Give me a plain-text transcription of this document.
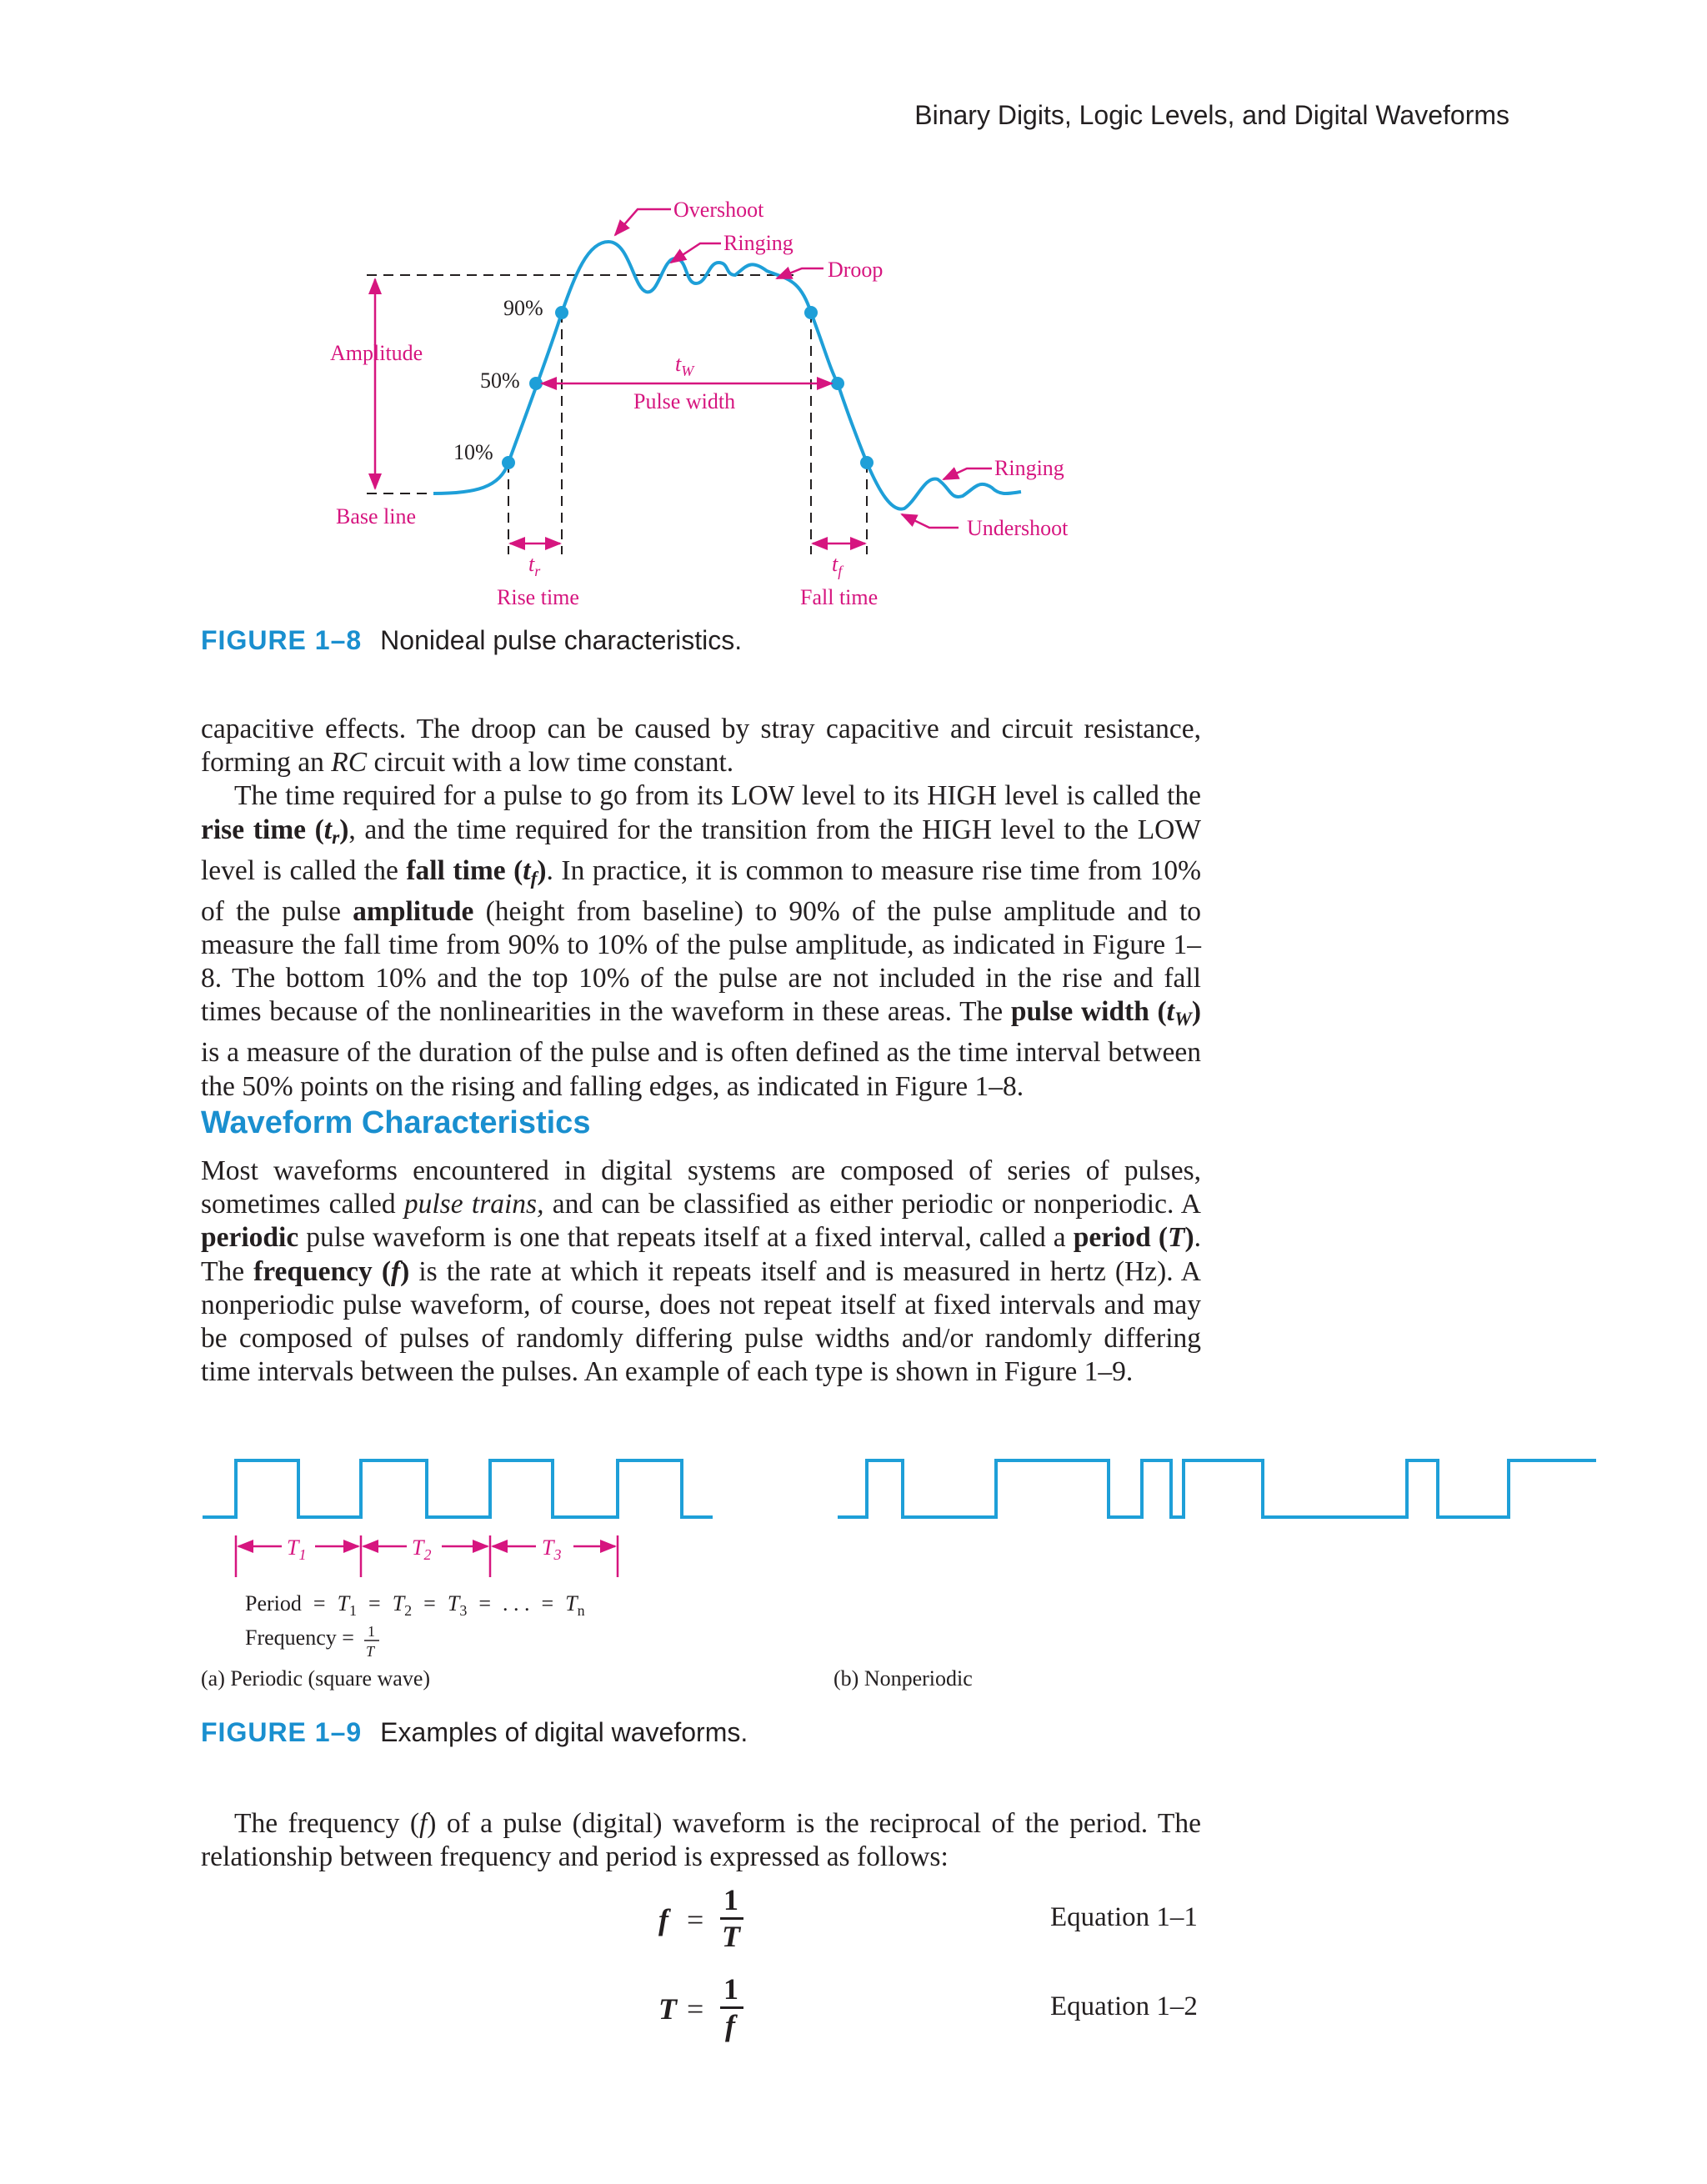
Binary Digits, Logic Levels, and Digital Waveforms
Overshoot
Ringing
Droop
Amplitude
Base line
Pulse width
Ringing
Undershoot
Rise time	Fall time
$t_W$
$t_r$	$t_f$
90%
50%
10%
FIGURE 1–8 Nonideal pulse characteristics.

capacitive effects. The droop can be caused by stray capacitive and circuit resistance, forming an RC circuit with a low time constant.

The time required for a pulse to go from its LOW level to its HIGH level is called the rise time $(t_r)$, and the time required for the transition from the HIGH level to the LOW level is called the fall time $(t_f)$. In practice, it is common to measure rise time from 10% of the pulse amplitude (height from baseline) to 90% of the pulse amplitude and to measure the fall time from 90% to 10% of the pulse amplitude, as indicated in Figure 1–8. The bottom 10% and the top 10% of the pulse are not included in the rise and fall times because of the nonlinearities in the waveform in these areas. The pulse width $(t_W)$ is a measure of the duration of the pulse and is often defined as the time interval between the 50% points on the rising and falling edges, as indicated in Figure 1–8.

Waveform Characteristics

Most waveforms encountered in digital systems are composed of series of pulses, sometimes called pulse trains, and can be classified as either periodic or nonperiodic. A periodic pulse waveform is one that repeats itself at a fixed interval, called a period (T). The frequency (f) is the rate at which it repeats itself and is measured in hertz (Hz). A nonperiodic pulse waveform, of course, does not repeat itself at fixed intervals and may be composed of pulses of randomly differing pulse widths and/or randomly differing time intervals between the pulses. An example of each type is shown in Figure 1–9.

$T_1$	$T_2$	$T_3$
Period = $T_1 = T_2 = T_3$ = . . . = $T_n$
Frequency = 1
T
(a) Periodic (square wave)	(b) Nonperiodic
FIGURE 1–9 Examples of digital waveforms.

The frequency (f) of a pulse (digital) waveform is the reciprocal of the period. The relationship between frequency and period is expressed as follows:

f =
1
T
Equation 1–1
T =
1
f
Equation 1–2
